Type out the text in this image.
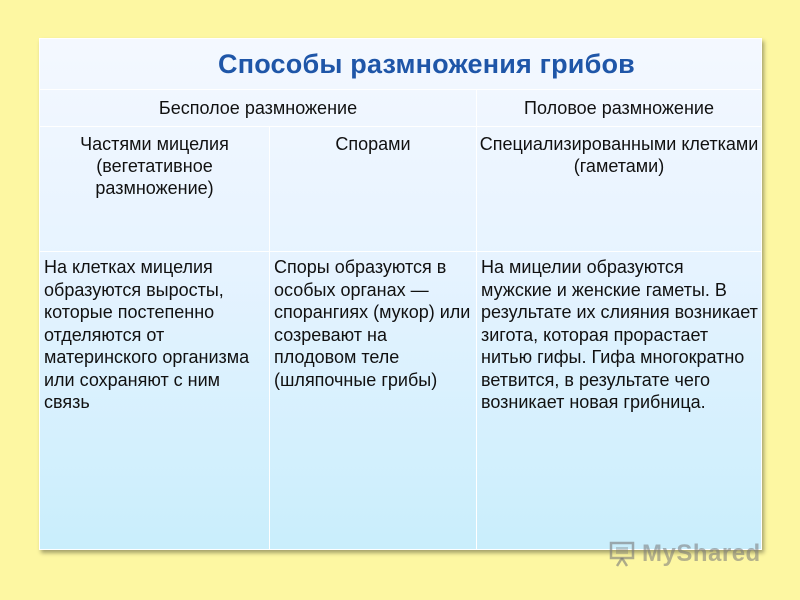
Способы размножения грибов		
Бесполое размножение		Половое размножение
Частями мицелия (вегетативное размножение)	Спорами	Специализированными клетками (гаметами)
На клетках мицелия образуются выросты, которые постепенно отделяются от материнского организма или сохраняют с ним связь	Споры образуются в особых органах — спорангиях (мукор) или созревают на плодовом теле (шляпочные грибы)	На мицелии образуются мужские и женские гаметы. В результате их слияния возникает зигота, которая прорастает нитью гифы. Гифа многократно ветвится, в результате чего возникает новая грибница.
MyShared
